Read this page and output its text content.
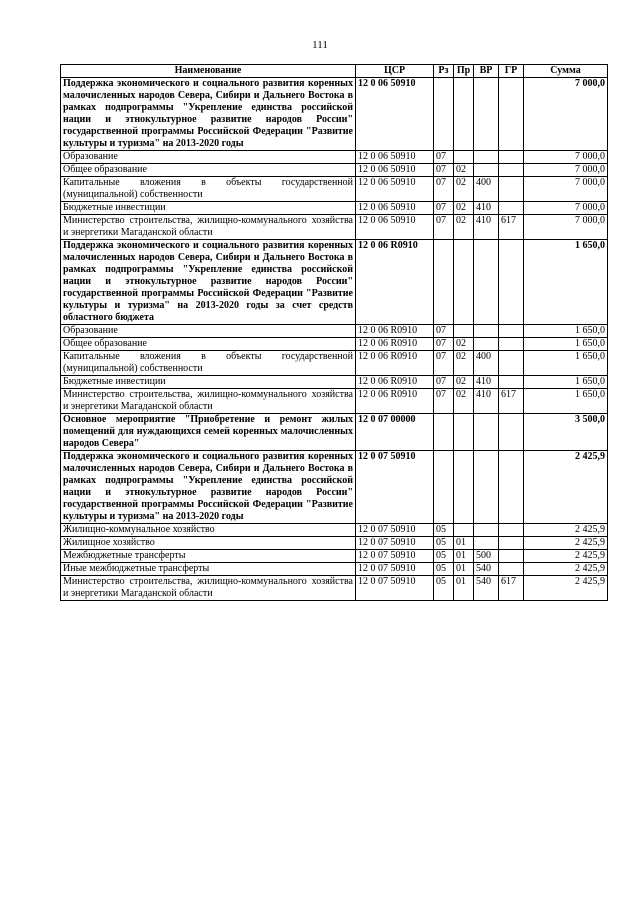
111
Наименование	ЦСР	Рз	Пр	ВР	ГР	Сумма
Поддержка экономического и социального развития коренных малочисленных народов Севера, Сибири и Дальнего Востока в рамках подпрограммы "Укрепление единства российской нации и этнокультурное развитие народов России" государственной программы Российской Федерации "Развитие культуры и туризма" на 2013-2020 годы	12 0 06 50910					7 000,0
Образование	12 0 06 50910	07				7 000,0
Общее образование	12 0 06 50910	07	02			7 000,0
Капитальные вложения в объекты государственной (муниципальной) собственности	12 0 06 50910	07	02	400		7 000,0
Бюджетные инвестиции	12 0 06 50910	07	02	410		7 000,0
Министерство строительства, жилищно-коммунального хозяйства и энергетики Магаданской области	12 0 06 50910	07	02	410	617	7 000,0
Поддержка экономического и социального развития коренных малочисленных народов Севера, Сибири и Дальнего Востока в рамках подпрограммы "Укрепление единства российской нации и этнокультурное развитие народов России" государственной программы Российской Федерации "Развитие культуры и туризма" на 2013-2020 годы за счет средств областного бюджета	12 0 06 R0910					1 650,0
Образование	12 0 06 R0910	07				1 650,0
Общее образование	12 0 06 R0910	07	02			1 650,0
Капитальные вложения в объекты государственной (муниципальной) собственности	12 0 06 R0910	07	02	400		1 650,0
Бюджетные инвестиции	12 0 06 R0910	07	02	410		1 650,0
Министерство строительства, жилищно-коммунального хозяйства и энергетики Магаданской области	12 0 06 R0910	07	02	410	617	1 650,0
Основное мероприятие "Приобретение и ремонт жилых помещений для нуждающихся семей коренных малочисленных народов Севера"	12 0 07 00000					3 500,0
Поддержка экономического и социального развития коренных малочисленных народов Севера, Сибири и Дальнего Востока в рамках подпрограммы "Укрепление единства российской нации и этнокультурное развитие народов России" государственной программы Российской Федерации "Развитие культуры и туризма" на 2013-2020 годы	12 0 07 50910					2 425,9
Жилищно-коммунальное хозяйство	12 0 07 50910	05				2 425,9
Жилищное хозяйство	12 0 07 50910	05	01			2 425,9
Межбюджетные трансферты	12 0 07 50910	05	01	500		2 425,9
Иные межбюджетные трансферты	12 0 07 50910	05	01	540		2 425,9
Министерство строительства, жилищно-коммунального хозяйства и энергетики Магаданской области	12 0 07 50910	05	01	540	617	2 425,9
